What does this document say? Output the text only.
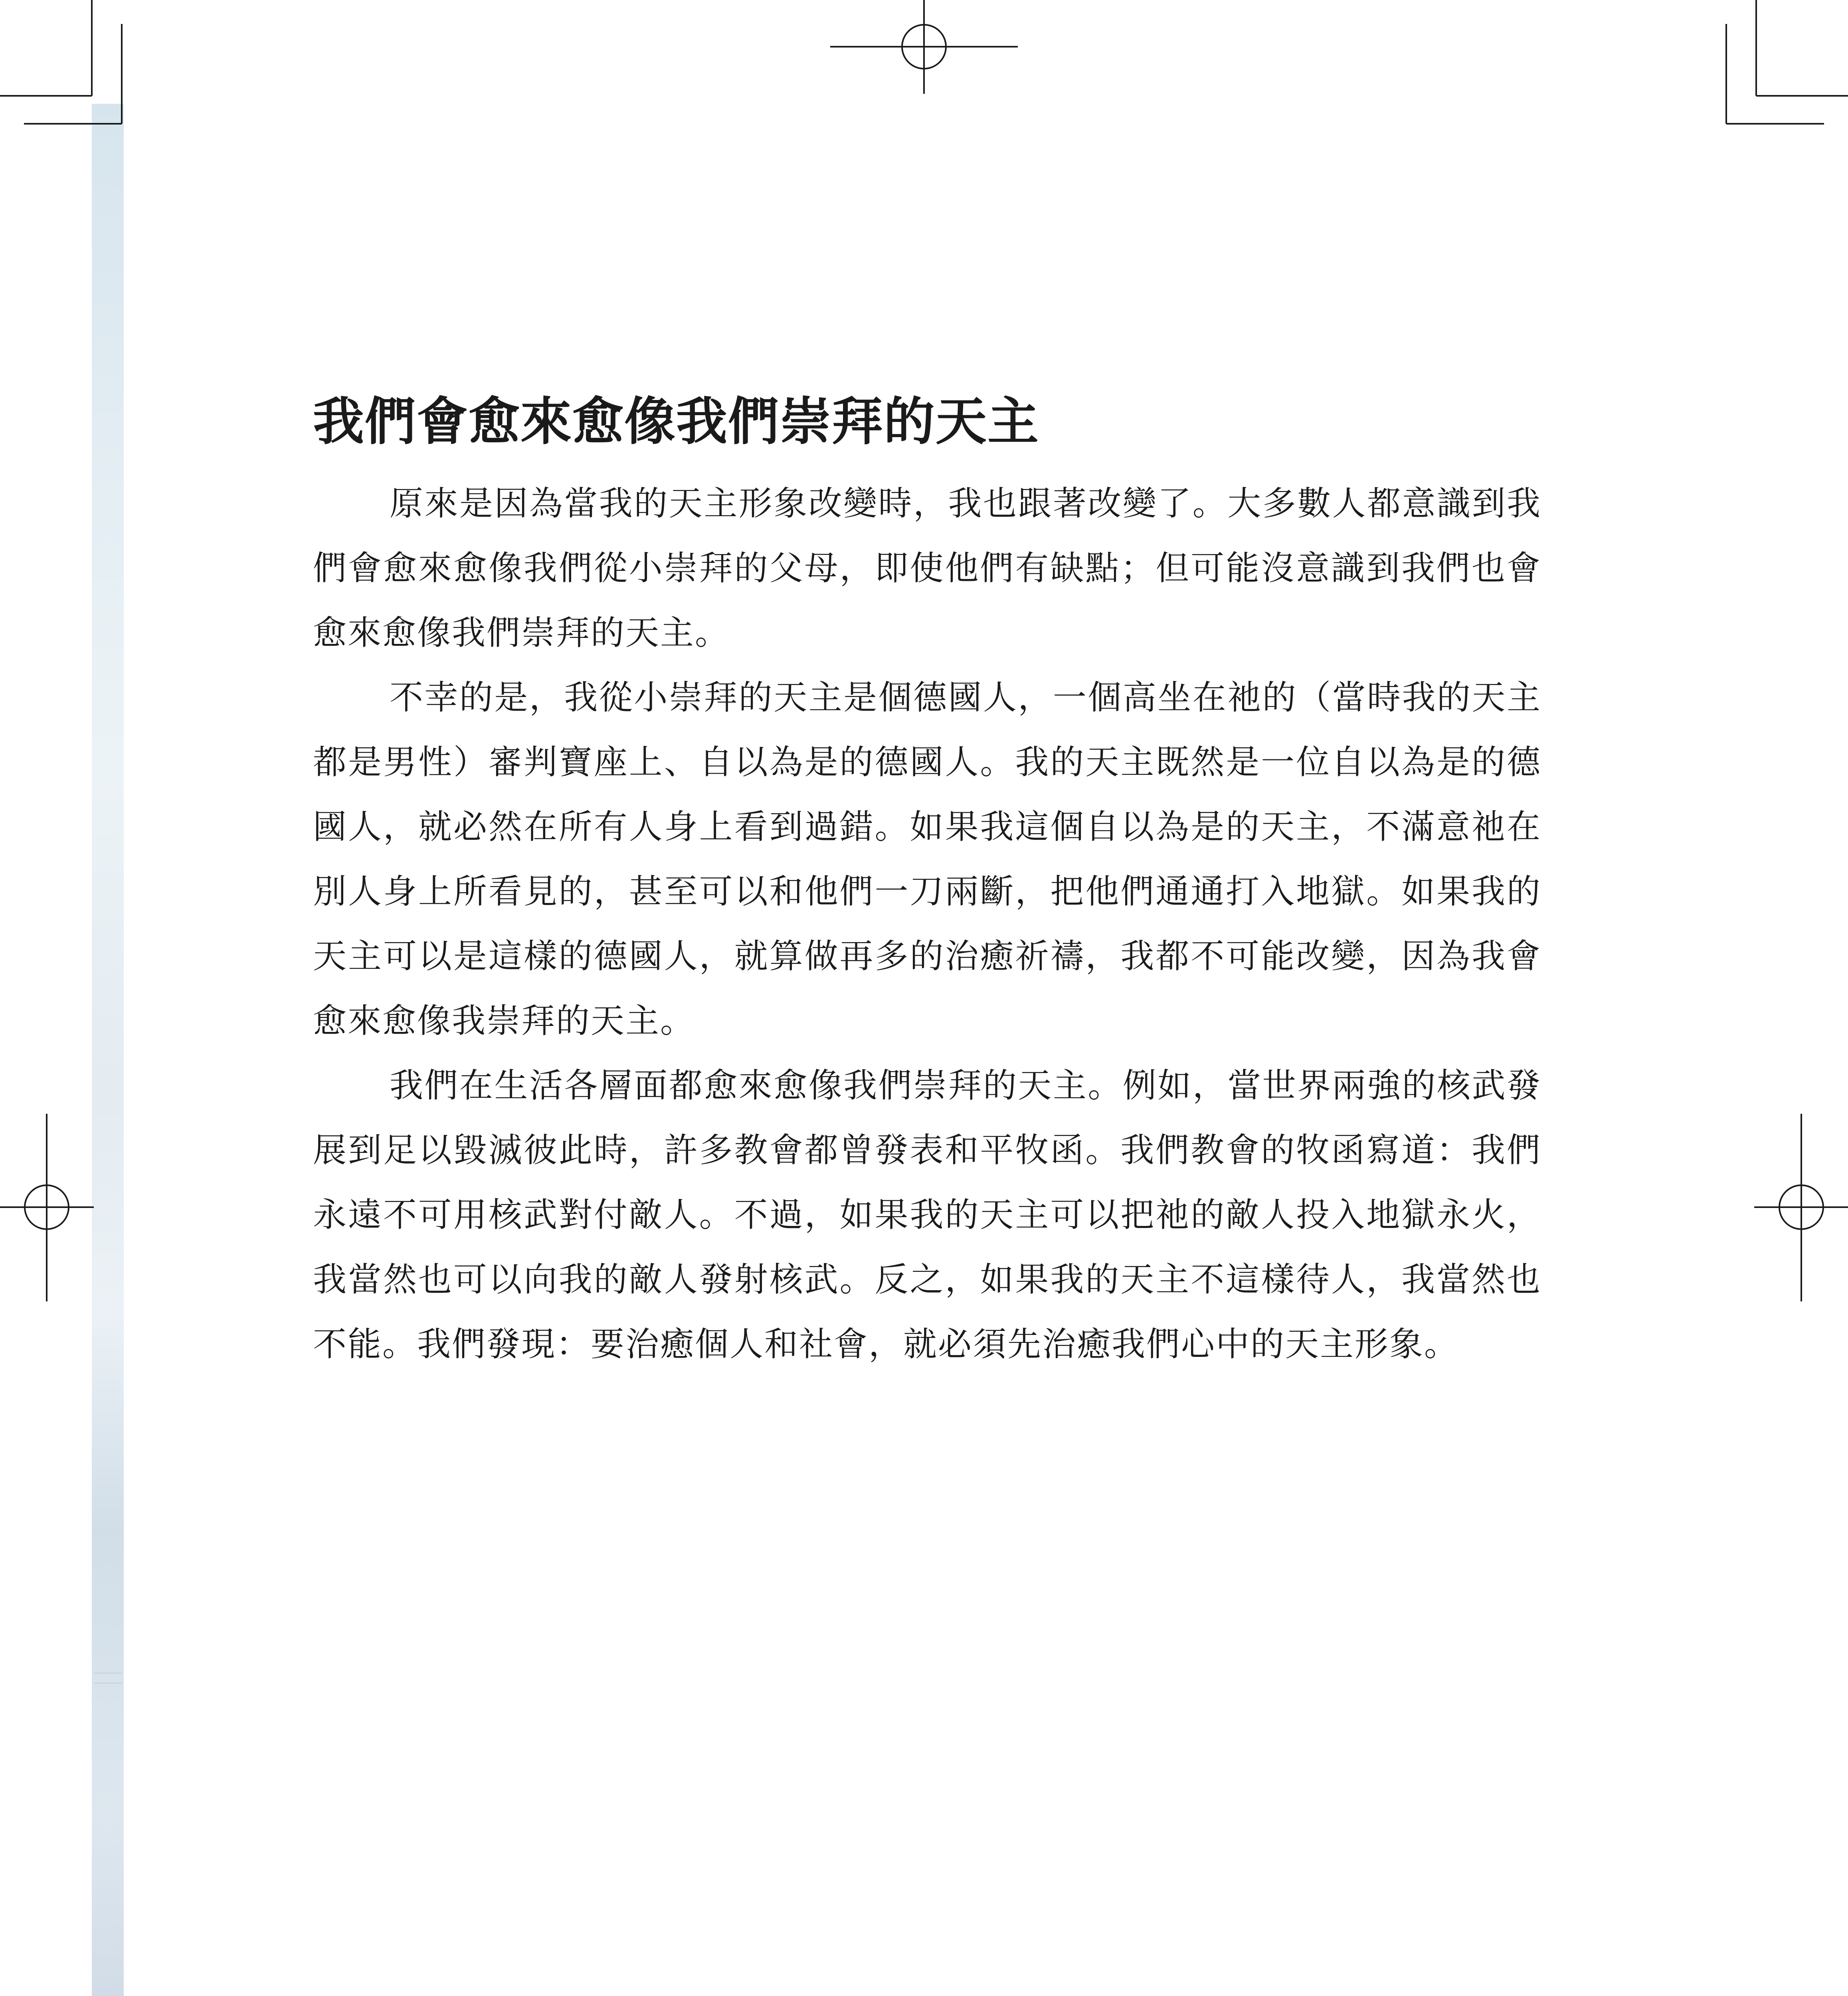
我們會愈來愈像我們崇拜的天主

原來是因為當我的天主形象改變時，我也跟著改變了。大多數人都意識到我們會愈來愈像我們從小崇拜的父母，即使他們有缺點；但可能沒意識到我們也會愈來愈像我們崇拜的天主。

不幸的是，我從小崇拜的天主是個德國人，一個高坐在祂的（當時我的天主都是男性）審判寶座上、自以為是的德國人。我的天主既然是一位自以為是的德國人，就必然在所有人身上看到過錯。如果我這個自以為是的天主，不滿意祂在別人身上所看見的，甚至可以和他們一刀兩斷，把他們通通打入地獄。如果我的天主可以是這樣的德國人，就算做再多的治癒祈禱，我都不可能改變，因為我會愈來愈像我崇拜的天主。

我們在生活各層面都愈來愈像我們崇拜的天主。例如，當世界兩強的核武發展到足以毀滅彼此時，許多教會都曾發表和平牧函。我們教會的牧函寫道：我們永遠不可用核武對付敵人。不過，如果我的天主可以把祂的敵人投入地獄永火，我當然也可以向我的敵人發射核武。反之，如果我的天主不這樣待人，我當然也不能。我們發現：要治癒個人和社會，就必須先治癒我們心中的天主形象。
